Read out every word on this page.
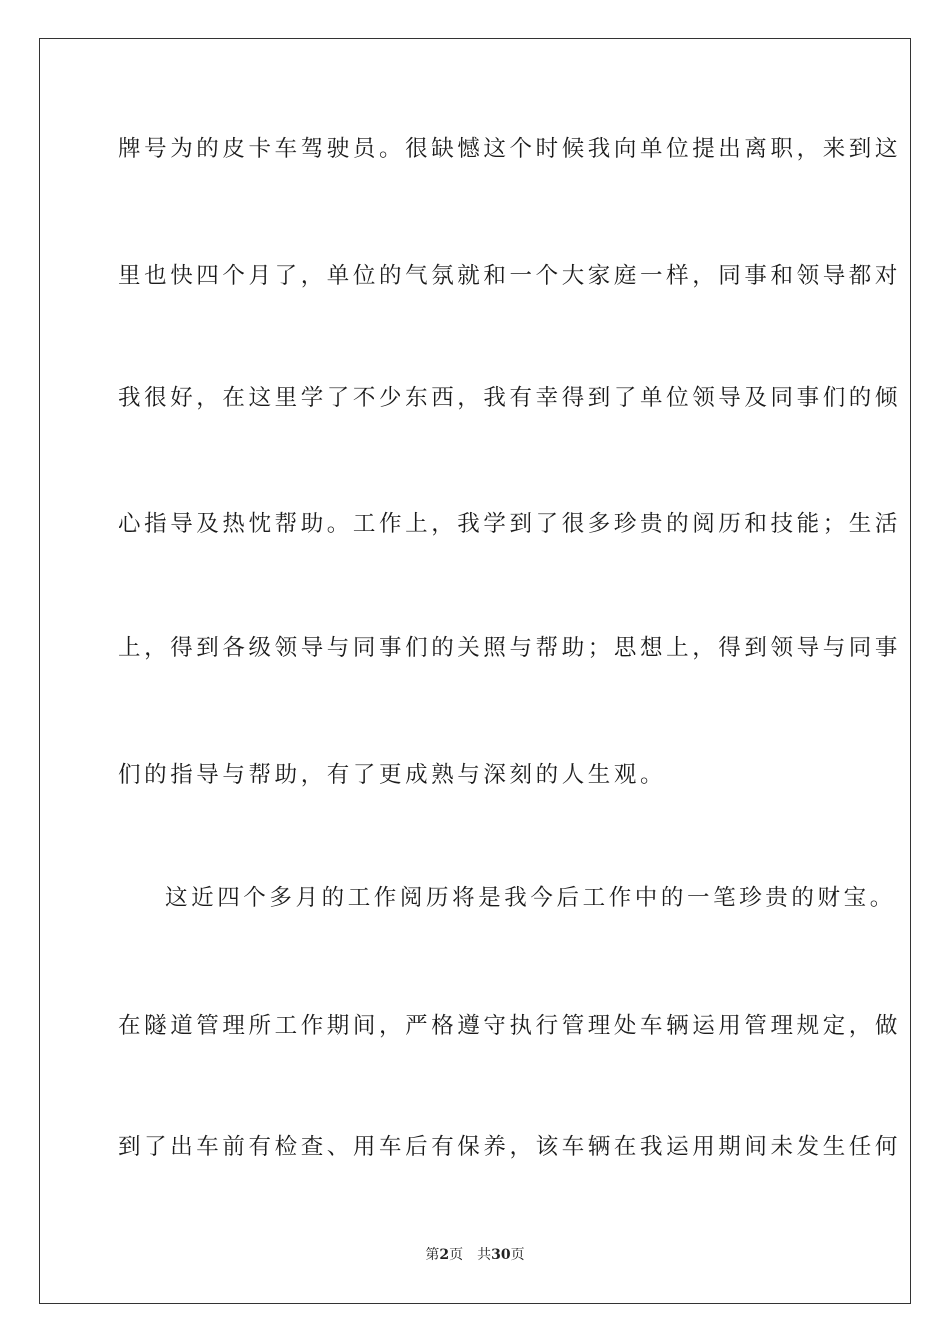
牌号为的皮卡车驾驶员。很缺憾这个时候我向单位提出离职，来到这
里也快四个月了，单位的气氛就和一个大家庭一样，同事和领导都对
我很好，在这里学了不少东西，我有幸得到了单位领导及同事们的倾
心指导及热忱帮助。工作上，我学到了很多珍贵的阅历和技能；生活
上，得到各级领导与同事们的关照与帮助；思想上，得到领导与同事
们的指导与帮助，有了更成熟与深刻的人生观。
这近四个多月的工作阅历将是我今后工作中的一笔珍贵的财宝。
在隧道管理所工作期间，严格遵守执行管理处车辆运用管理规定，做
到了出车前有检查、用车后有保养，该车辆在我运用期间未发生任何
第2页 共30页
